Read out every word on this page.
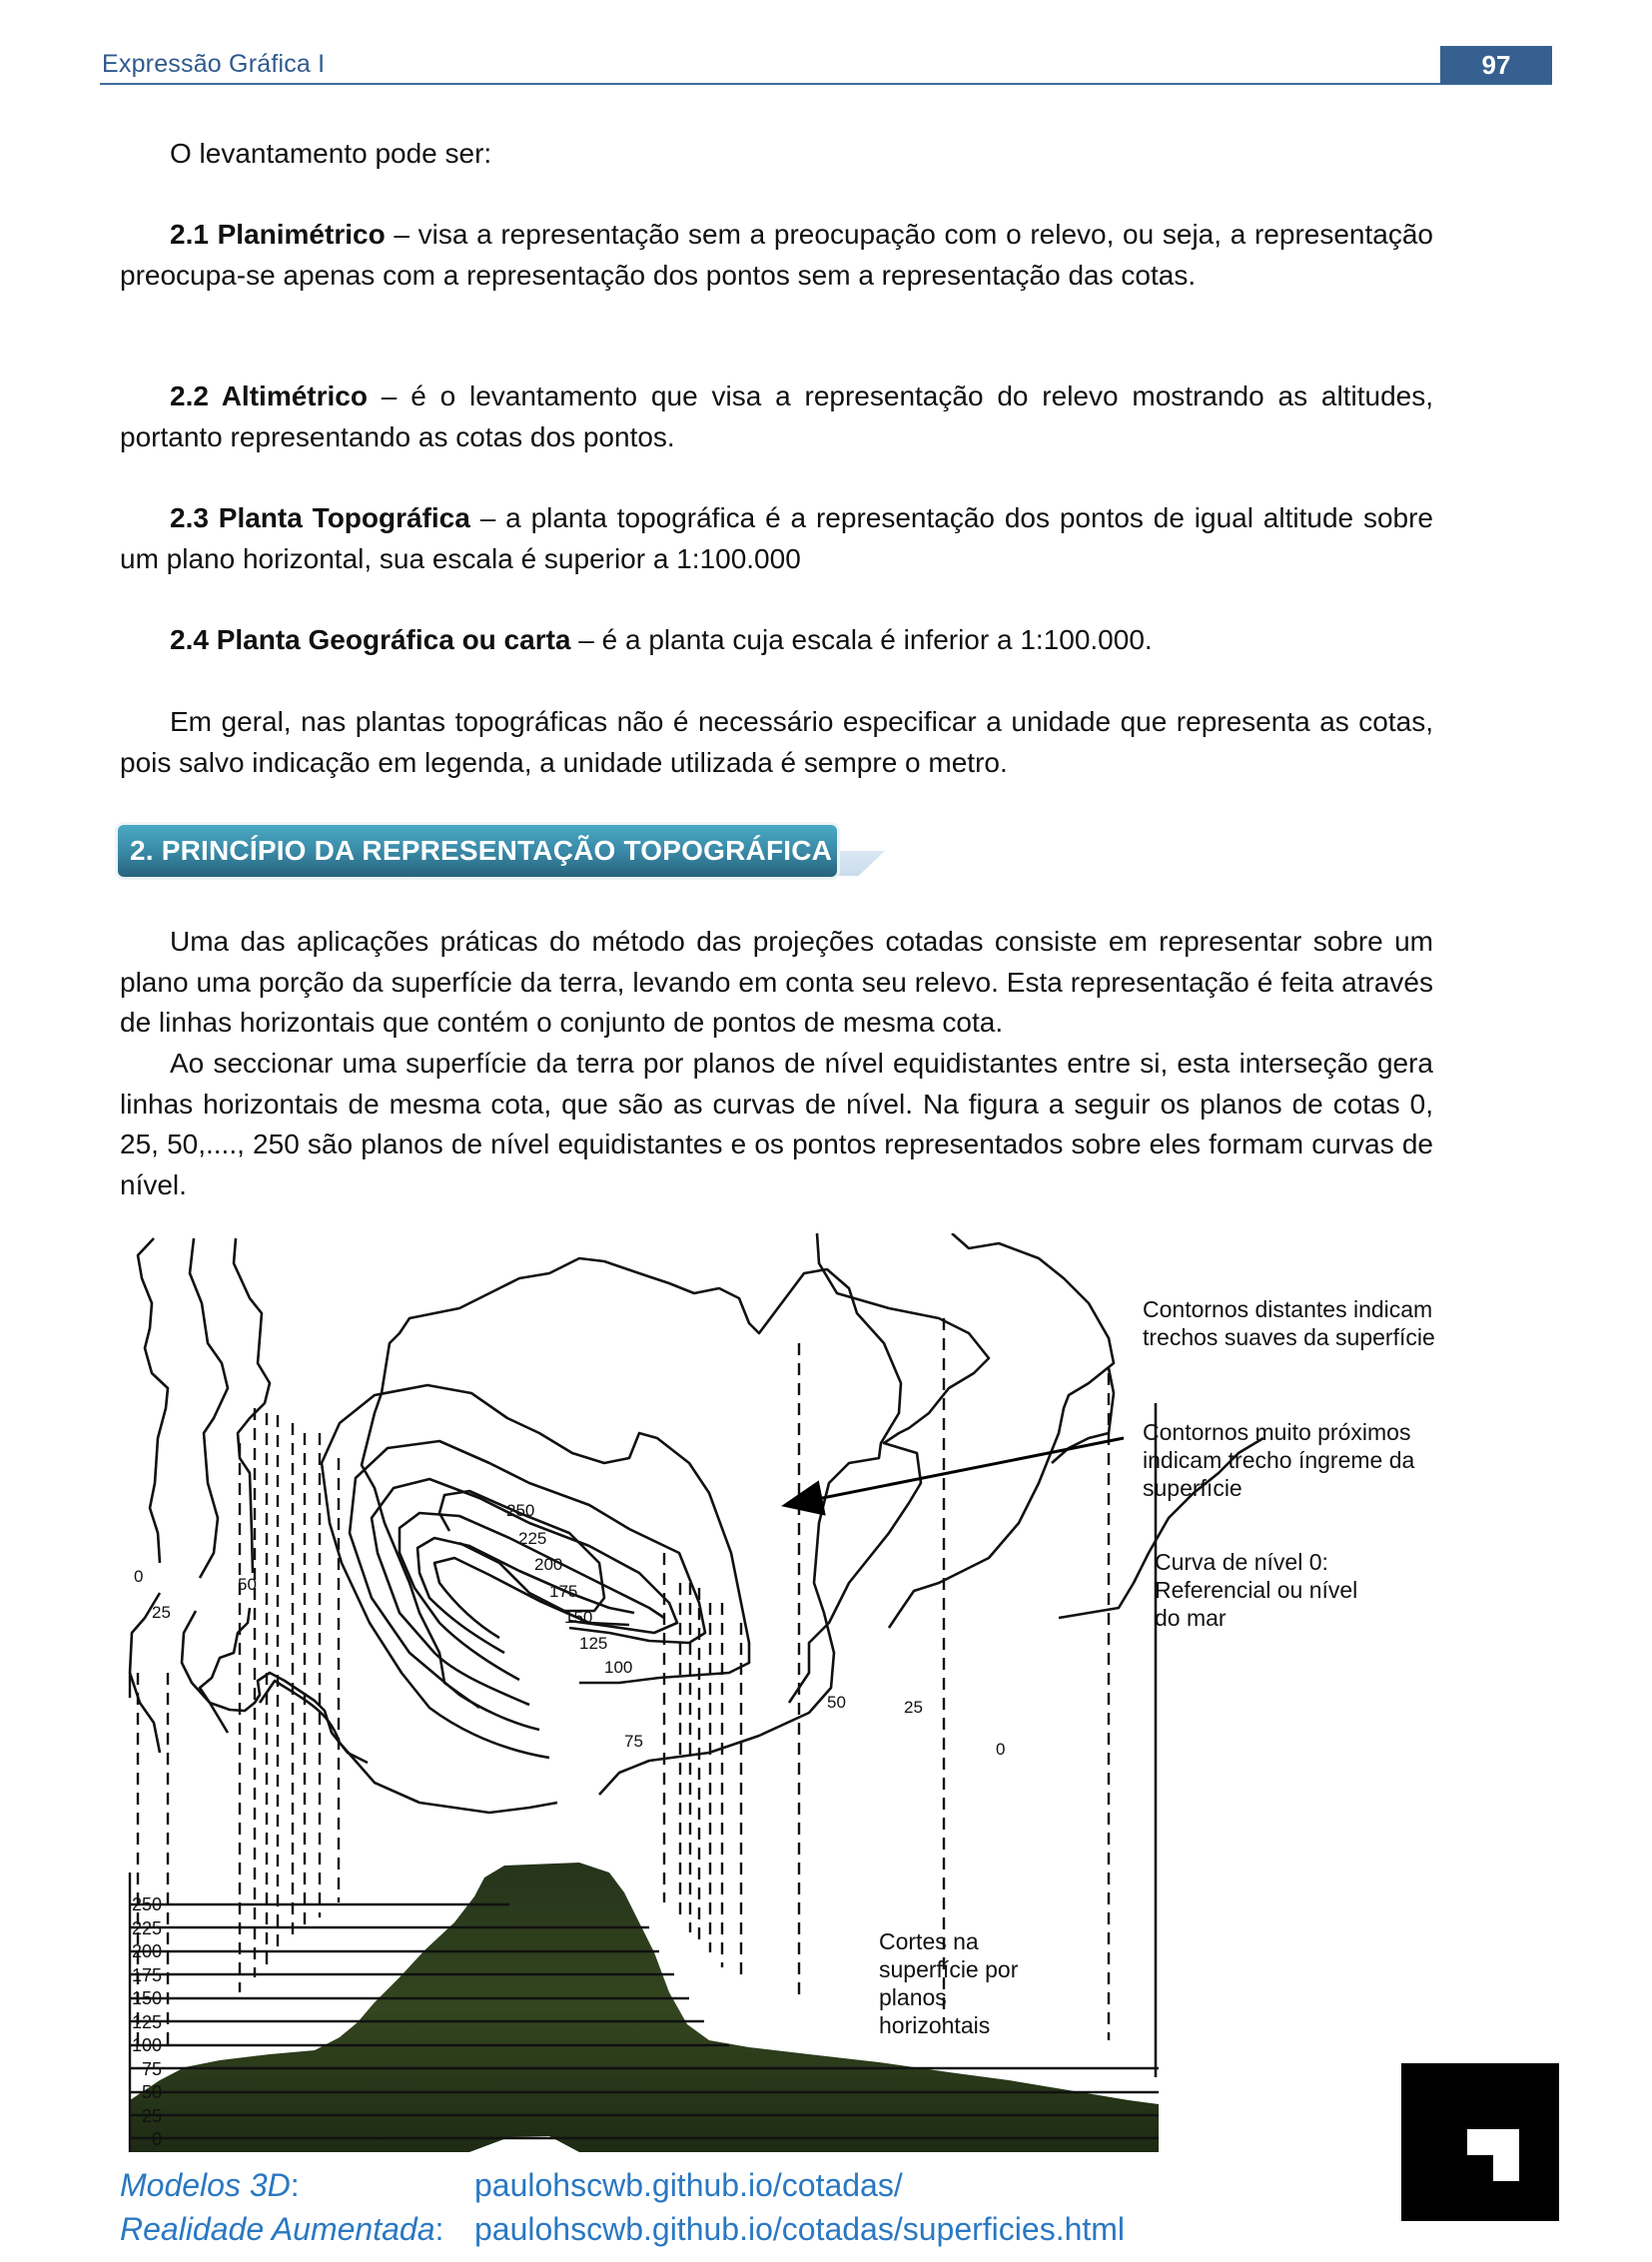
Expressão Gráfica I	97
O levantamento pode ser:
2.1 Planimétrico – visa a representação sem a preocupação com o relevo, ou seja, a representação preocupa-se apenas com a representação dos pontos sem a representação das cotas.
2.2 Altimétrico – é o levantamento que visa a representação do relevo mostrando as altitudes, portanto representando as cotas dos pontos.
2.3 Planta Topográfica – a planta topográfica é a representação dos pontos de igual altitude sobre um plano horizontal, sua escala é superior a 1:100.000
2.4 Planta Geográfica ou carta – é a planta cuja escala é inferior a 1:100.000.
Em geral, nas plantas topográficas não é necessário especificar a unidade que representa as cotas, pois salvo indicação em legenda, a unidade utilizada é sempre o metro.
2. PRINCÍPIO DA REPRESENTAÇÃO TOPOGRÁFICA
Uma das aplicações práticas do método das projeções cotadas consiste em representar sobre um plano uma porção da superfície da terra, levando em conta seu relevo. Esta representação é feita através de linhas horizontais que contém o conjunto de pontos de mesma cota.
Ao seccionar uma superfície da terra por planos de nível equidistantes entre si, esta interseção gera linhas horizontais de mesma cota, que são as curvas de nível. Na figura a seguir os planos de cotas 0, 25, 50,...., 250 são planos de nível equidistantes e os pontos representados sobre eles formam curvas de nível.
0
25
50
250
225
200
175
150
125
100
75
50	25
0
250
225
200
175
150
125
100
75
50
25
0
Contornos distantes indicam trechos suaves da superfície
Contornos muito próximos indicam trecho íngreme da superfície
Curva de nível 0: Referencial ou nível do mar
Cortes na superfície por planos horizontais
Modelos 3D:	paulohscwb.github.io/cotadas/
Realidade Aumentada: paulohscwb.github.io/cotadas/superficies.html
